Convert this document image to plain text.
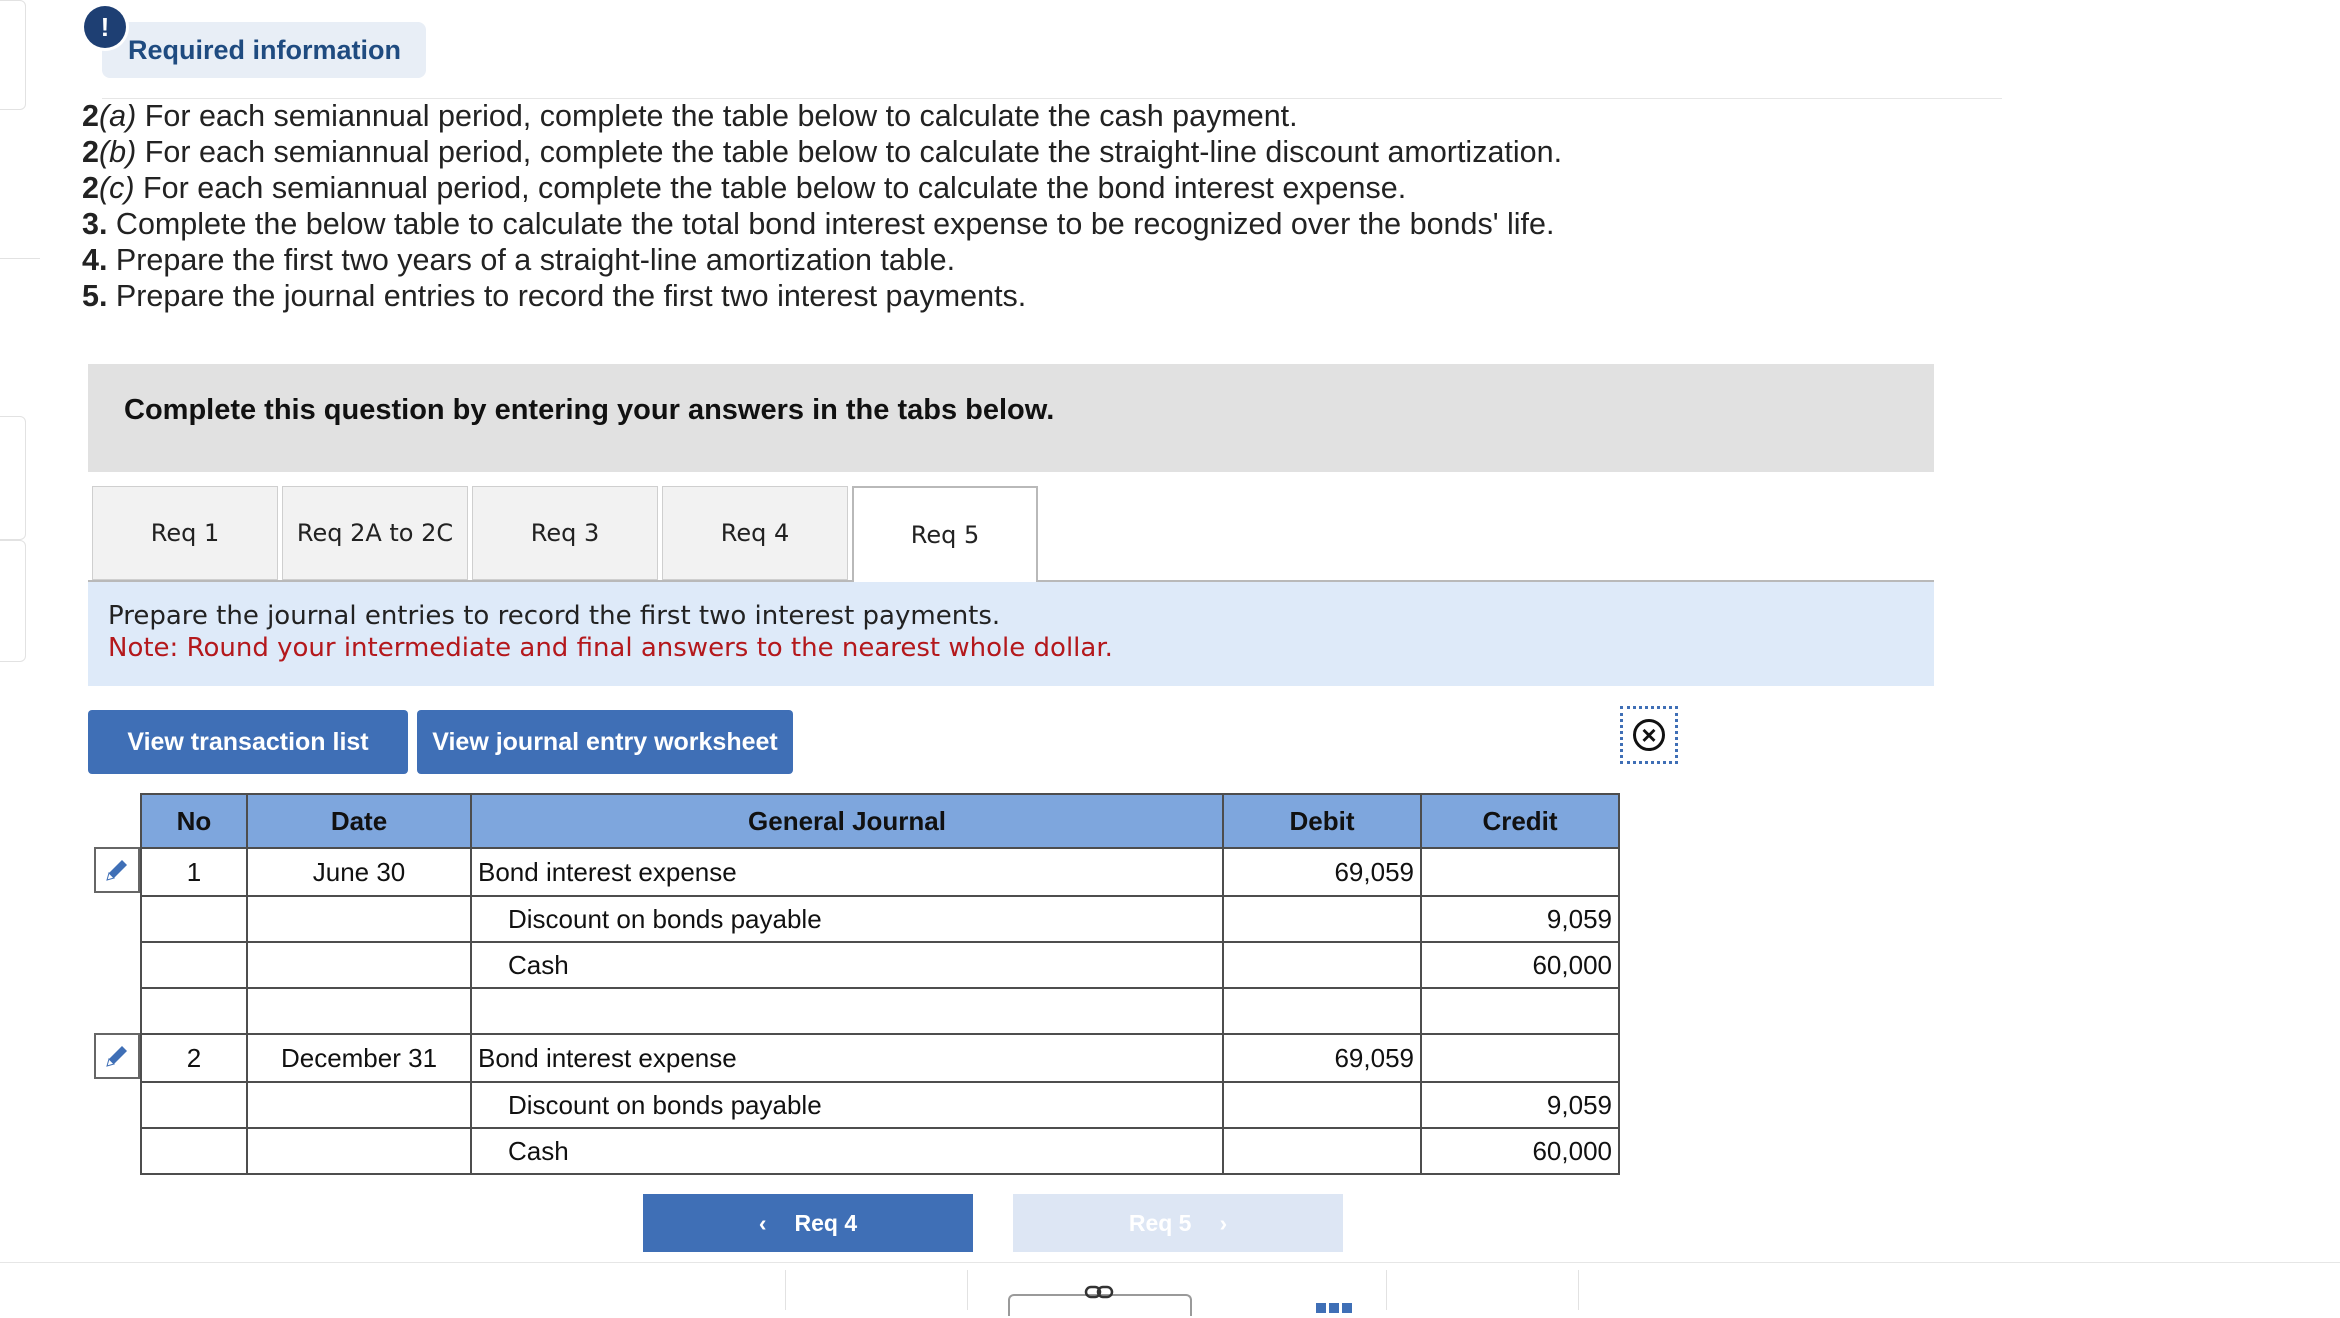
Required information
!
2(a) For each semiannual period, complete the table below to calculate the cash payment.
2(b) For each semiannual period, complete the table below to calculate the straight-line discount amortization.
2(c) For each semiannual period, complete the table below to calculate the bond interest expense.
3. Complete the below table to calculate the total bond interest expense to be recognized over the bonds' life.
4. Prepare the first two years of a straight-line amortization table.
5. Prepare the journal entries to record the first two interest payments.
Complete this question by entering your answers in the tabs below.
Req 1	Req 2A to 2C	Req 3	Req 4	Req 5
Prepare the journal entries to record the first two interest payments.
Note: Round your intermediate and final answers to the nearest whole dollar.
View transaction list	View journal entry worksheet	×
No	Date	General Journal	Debit	Credit
1	June 30	Bond interest expense	69,059	
		Discount on bonds payable		9,059
		Cash		60,000

2	December 31	Bond interest expense	69,059	
		Discount on bonds payable		9,059
		Cash		60,000
‹ Req 4	Req 5 ›
